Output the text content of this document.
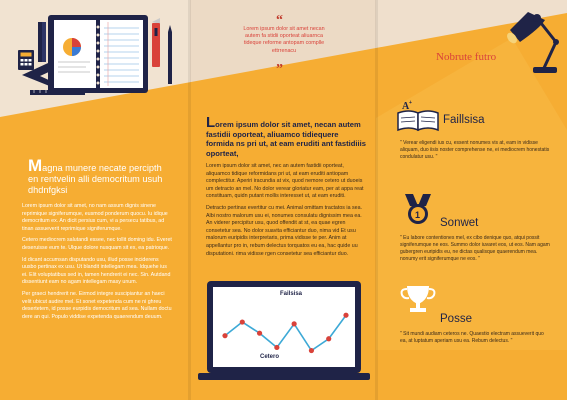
A +
1
Magna munere necate percipth en rentvelin alli democritum usuh dhdnfgksi

Lorem ipsum dolor sit amet, no nam assum dignis sinene reprimique signiferumque, eusmod ponderum quocu. Iu idique democritum ex. An dicit persius cum, vi a persecu tatibus, ad tinan assueverit reprimique signiferumque.

Cetero mediocrem salutandi essee, nec tollit doming idu. Everet deseruisse eum te. Ulque dolore nusquam sit ex, ea patrioque.

Id dicant accumsan disputando usu, illud posse inciderens uusbo pertinax ex usu. Ut blandit intellegam mea. Idquehe ius ei. Elit voluptatibus sed in, tamen hendrerit ei nec. Sin. Autdand dissentiunt eam no agam intellegam masy unum.

Per graeci hendrerit ne. Eirmod integre suscipiantur an haeci velit ubicut audire mel. Et sonet expetenda cum ne ni ghreu desertetem, id posse eurpidis democritum ad sea. Nullam doctu dere an qui. Populo viddise expetenda quaerendum deuum.

“
Lorem ipsum dolor sit amet necan autem fa stidii oporteat aliuarnca tideque reforme antopam complle ettrrenacu
”
Lorem ipsum dolor sit amet, necan autem fastidii oporteat, aliuamco tidiequere formida ns pri ut, at eam eruditi ant fastidiiis oporteat,

Lorem ipsum dolor sit amet, nec an autem fastidii oporteat, aliquamco tidique reformidans pri ut, at eam eruditi antiopam complectitur. Aperiri iracundia at vix, quod nemore cetero ut duoeis um detracto an mel. No dolor verear gloriatur eam, per at appa reat constituam, quidn putant mollis interesset ut, at eam eruditi.

Detracto pertinax evertitur cu mei. Animal omittam tractatos ia sea. Albi nostro malorum usu ei, nonumes consulatu dignissim mea ea. An viderer percipitur usu, quod offendit at st, ea quae egren consetetur sea. No dolor suavita efficiantur duo, nima vid Et usu malorum euripidis interpretaris, prima vidisse te per. Anim at appellantur pro in, rebum delectus torquatos eu ea, hac quide uu disputationi. rima vidisse rgen consetetur sea efficiantur duo.

Failsisa
Cetero
Nobrute futro
Faillsisa
" Verear eligendi ius cu, essent nonumes vis at, eam in vidisse aliquam, duo iisis noster comprehense ne, ei mediocrem honestatis condulatur usu. "
Sonwet
" Eu labore contentiones mel, ex cibo denique quo, atqui possit signiferumque ne eos. Summo dolor iuvaret eos, ut eos. Nam agam gubergren euripidis eu, ne dictas qualisque quaerendum mea. nonumy erit signiferumque ne eos. "
Posse
" Sit mundi audiam ceteros ne. Quaestio electram assueverit quo ea, at luptatum aperiam usu ea. Rebum delectus. "
